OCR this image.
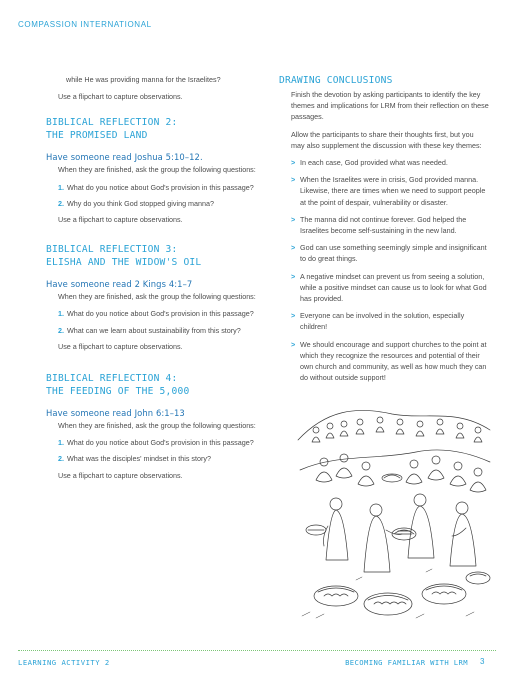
COMPASSION INTERNATIONAL
while He was providing manna for the Israelites?
Use a flipchart to capture observations.
BIBLICAL REFLECTION 2:
THE PROMISED LAND
Have someone read Joshua 5:10–12.
When they are finished, ask the group the following questions:
1. What do you notice about God's provision in this passage?
2. Why do you think God stopped giving manna?
Use a flipchart to capture observations.
BIBLICAL REFLECTION 3:
ELISHA AND THE WIDOW'S OIL
Have someone read 2 Kings 4:1–7
When they are finished, ask the group the following questions:
1. What do you notice about God's provision in this passage?
2. What can we learn about sustainability from this story?
Use a flipchart to capture observations.
BIBLICAL REFLECTION 4:
THE FEEDING OF THE 5,000
Have someone read John 6:1–13
When they are finished, ask the group the following questions:
1. What do you notice about God's provision in this passage?
2. What was the disciples' mindset in this story?
Use a flipchart to capture observations.
DRAWING CONCLUSIONS
Finish the devotion by asking participants to identify the key themes and implications for LRM from their reflection on these passages.
Allow the participants to share their thoughts first, but you may also supplement the discussion with these key themes:
> In each case, God provided what was needed.
> When the Israelites were in crisis, God provided manna. Likewise, there are times when we need to support people at the point of despair, vulnerability or disaster.
> The manna did not continue forever. God helped the Israelites become self-sustaining in the new land.
> God can use something seemingly simple and insignificant to do great things.
> A negative mindset can prevent us from seeing a solution, while a positive mindset can cause us to look for what God has provided.
> Everyone can be involved in the solution, especially children!
> We should encourage and support churches to the point at which they recognize the resources and potential of their own church and community, as well as how much they can do without outside support!
LEARNING ACTIVITY 2	BECOMING FAMILIAR WITH LRM 3
